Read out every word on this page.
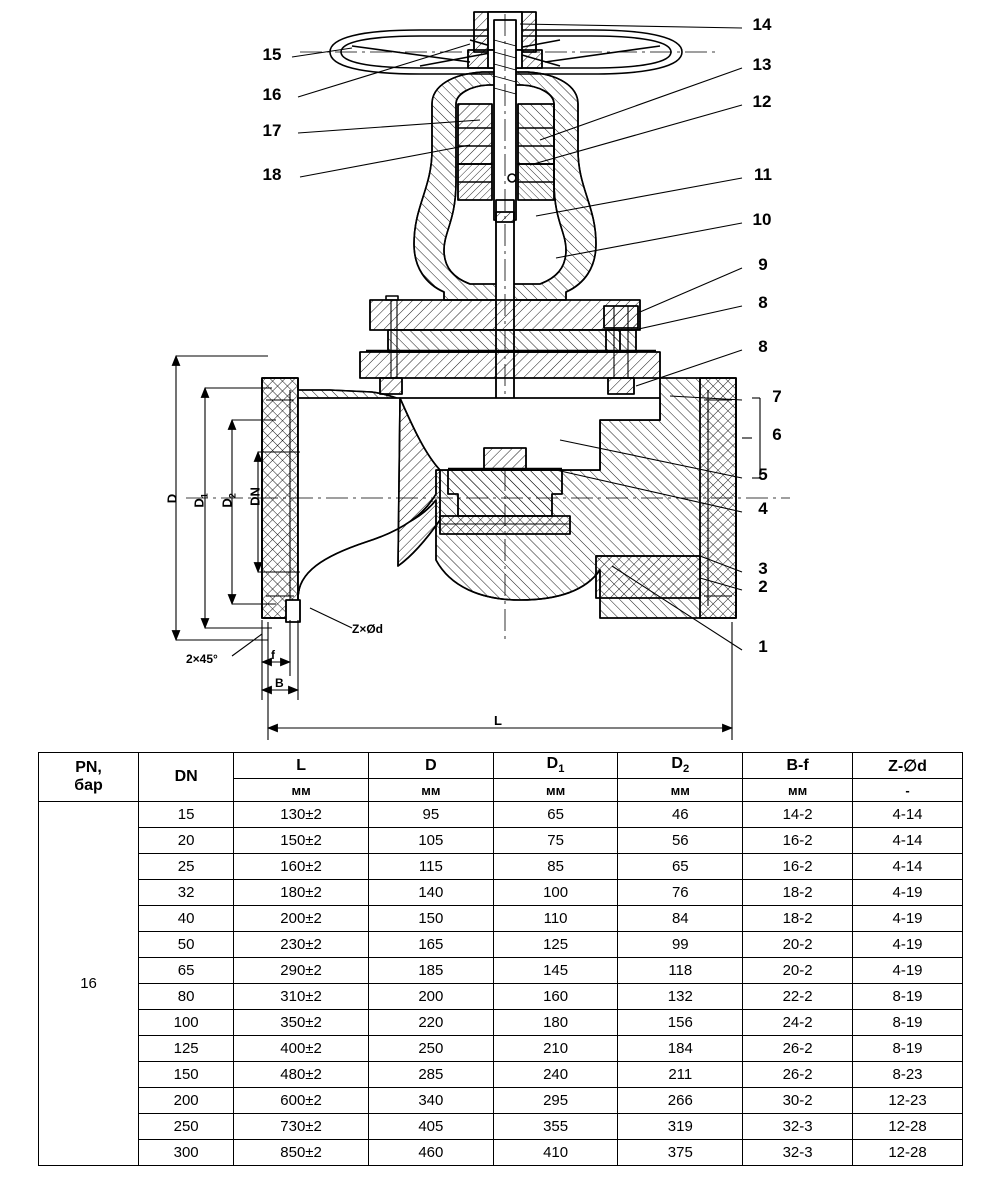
15
16
17
18
14
13
12
11
10
9
8
8
7
6
5
4
3
2
1
D $D_1$
$D_2$ DN
2×45°	f
B
Z×Ød
L
PN,
бар	DN	L	D	$D_1$	$D_2$	B-f	Z-∅d
		мм	мм	мм	мм	мм	-
16	15	130±2	95	65	46	14-2	4-14
	20	150±2	105	75	56	16-2	4-14
	25	160±2	115	85	65	16-2	4-14
	32	180±2	140	100	76	18-2	4-19
	40	200±2	150	110	84	18-2	4-19
	50	230±2	165	125	99	20-2	4-19
	65	290±2	185	145	118	20-2	4-19
	80	310±2	200	160	132	22-2	8-19
	100	350±2	220	180	156	24-2	8-19
	125	400±2	250	210	184	26-2	8-19
	150	480±2	285	240	211	26-2	8-23
	200	600±2	340	295	266	30-2	12-23
	250	730±2	405	355	319	32-3	12-28
	300	850±2	460	410	375	32-3	12-28
